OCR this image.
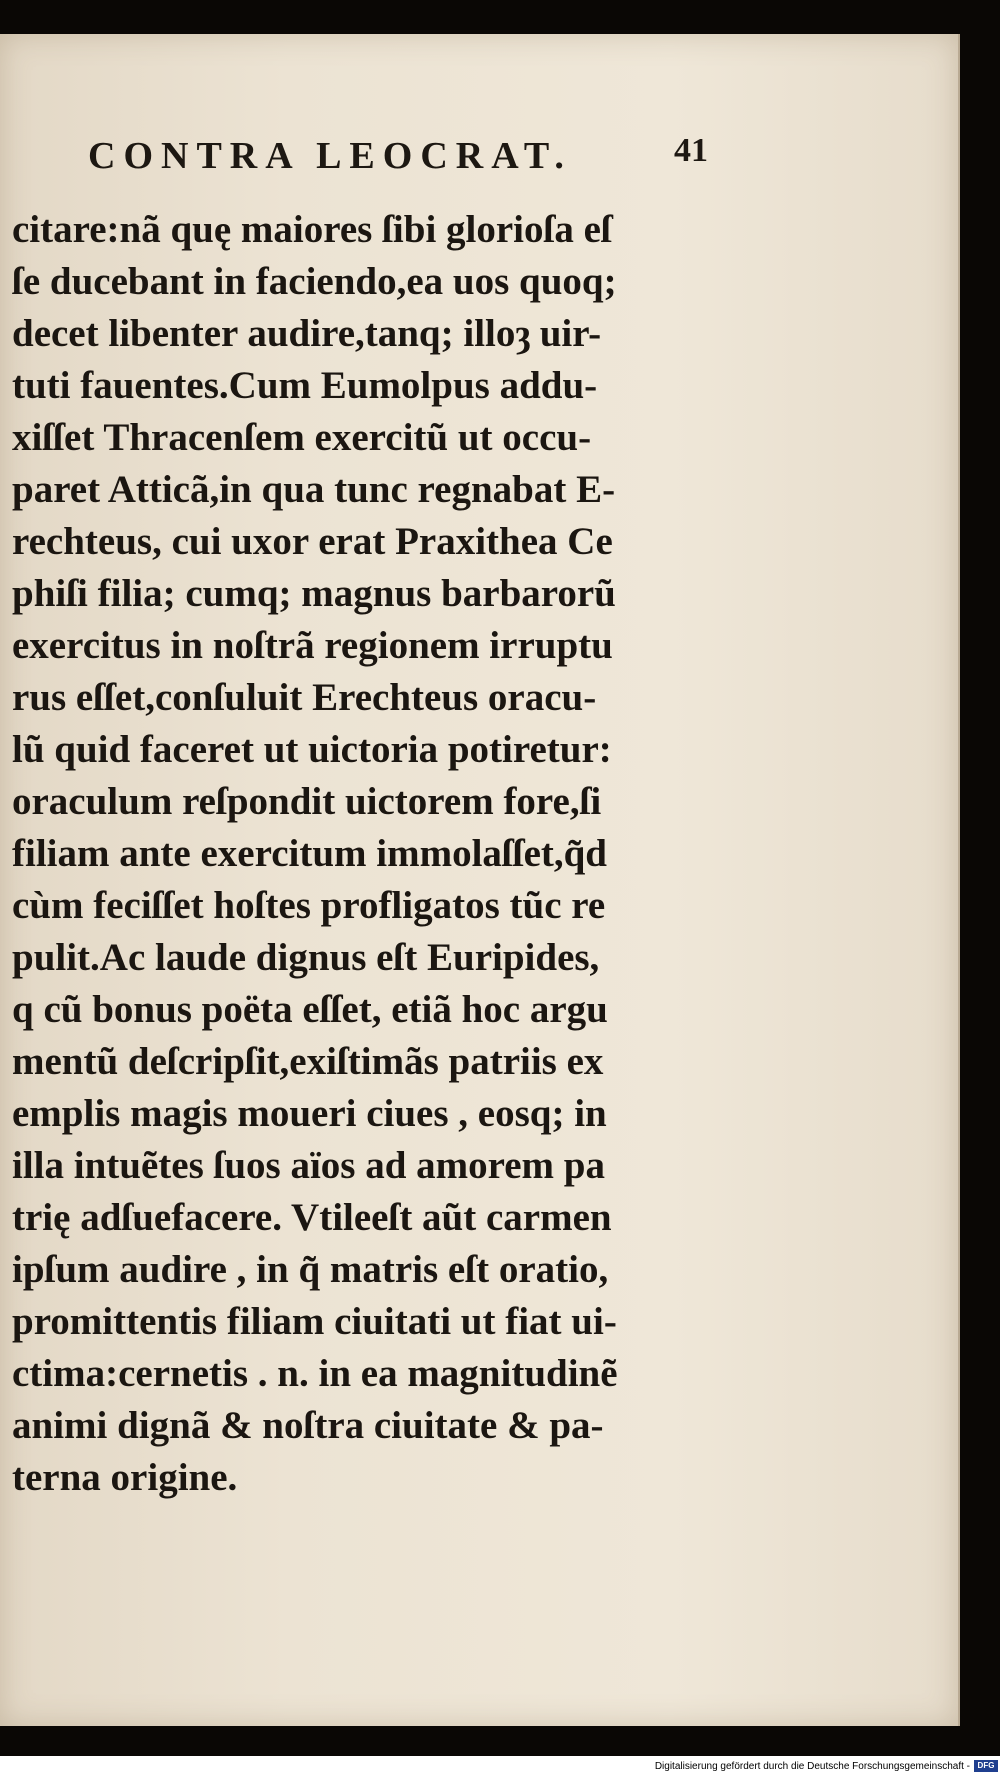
CONTRA LEOCRAT.	41
citare:nã quę maiores ſibi glorioſa eſ
ſe ducebant in faciendo,ea uos quoq;
decet libenter audire,tanq; illoȝ uir-
tuti fauentes.Cum Eumolpus addu-
xiſſet Thracenſem exercitũ ut occu-
paret Atticã,in qua tunc regnabat E-
rechteus, cui uxor erat Praxithea Ce
phiſi filia; cumq; magnus barbarorũ
exercitus in noſtrã regionem irruptu
rus eſſet,conſuluit Erechteus oracu-
lũ quid faceret ut uictoria potiretur:
oraculum reſpondit uictorem fore,ſi
filiam ante exercitum immolaſſet,q̃d
cùm feciſſet hoſtes profligatos tũc re
pulit.Ac laude dignus eſt Euripides,
q cũ bonus poëta eſſet, etiã hoc argu
mentũ deſcripſit,exiſtimãs patriis ex
emplis magis moueri ciues , eosq; in
illa intuẽtes ſuos aïos ad amorem pa
trię adſuefacere. Vtileeſt aũt carmen
ipſum audire , in q̃ matris eſt oratio,
promittentis filiam ciuitati ut fiat ui-
ctima:cernetis . n. in ea magnitudinẽ
animi dignã & noſtra ciuitate & pa-
terna origine.
Digitalisierung gefördert durch die Deutsche Forschungsgemeinschaft - DFG
